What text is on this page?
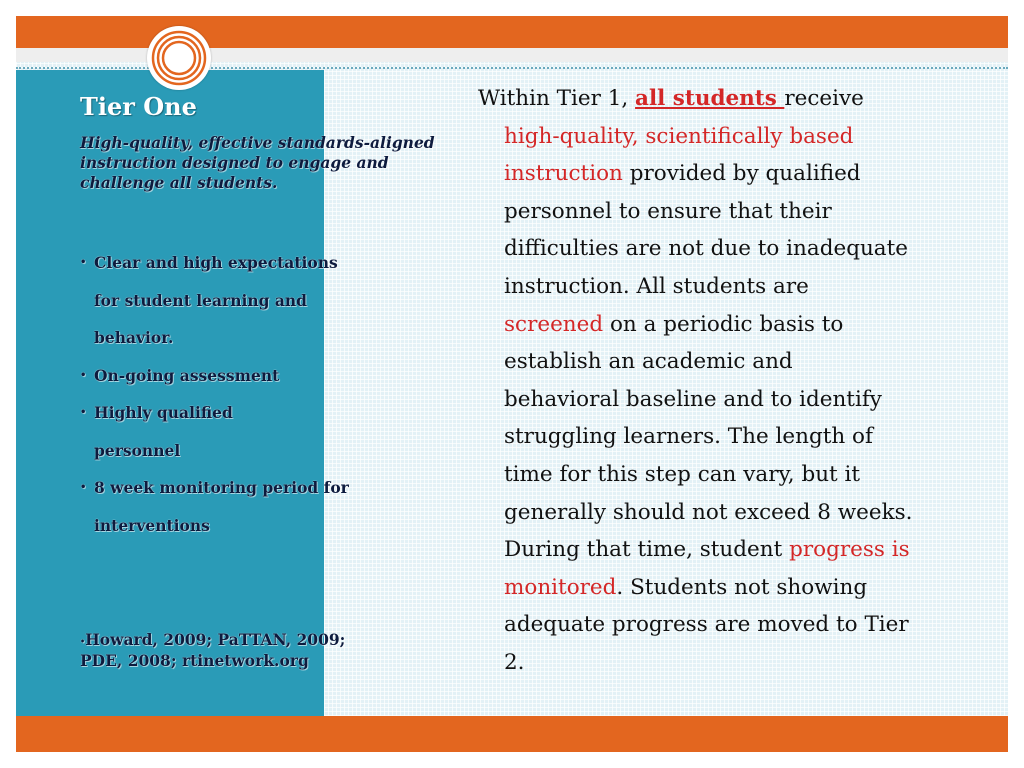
Tier One

High-quality, effective standards-aligned instruction designed to engage and challenge all students.

• Clear and high expectations
for student learning and
behavior.
• On-going assessment
• Highly qualified
personnel
• 8 week monitoring period for
interventions

•Howard, 2009; PaTTAN, 2009;
PDE, 2008; rtinetwork.org

Within Tier 1, all students receive
high-quality, scientifically based
instruction provided by qualified
personnel to ensure that their
difficulties are not due to inadequate
instruction. All students are
screened on a periodic basis to
establish an academic and
behavioral baseline and to identify
struggling learners. The length of
time for this step can vary, but it
generally should not exceed 8 weeks.
During that time, student progress is
monitored. Students not showing
adequate progress are moved to Tier
2.
